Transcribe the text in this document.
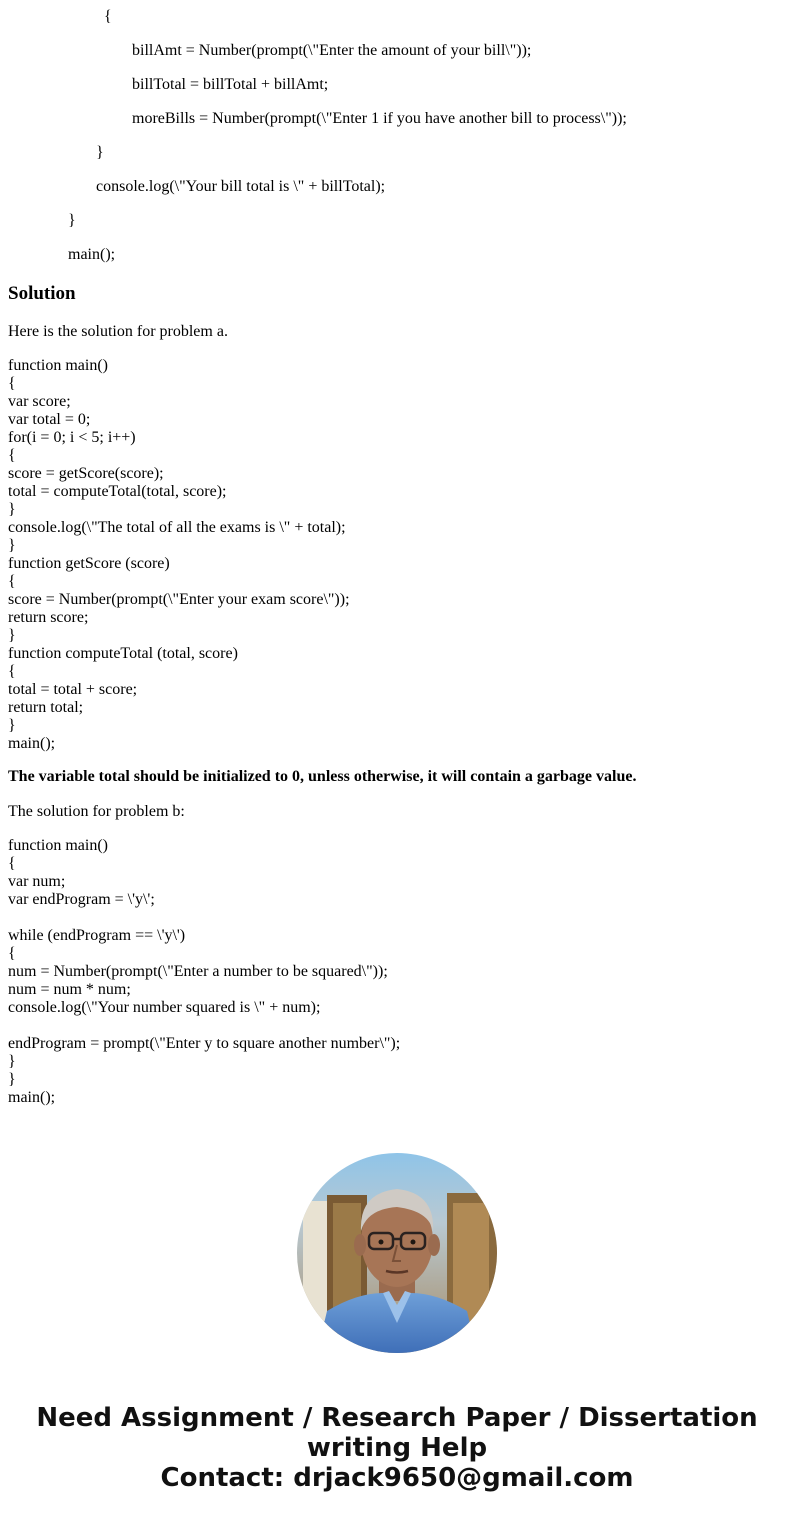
{
billAmt = Number(prompt(\"Enter the amount of your bill\"));
billTotal = billTotal + billAmt;
moreBills = Number(prompt(\"Enter 1 if you have another bill to process\"));
}
console.log(\"Your bill total is \" + billTotal);
}
main();
Solution
Here is the solution for problem a.
function main()
{
var score;
var total = 0;
for(i = 0; i < 5; i++)
{
score = getScore(score);
total = computeTotal(total, score);
}
console.log(\"The total of all the exams is \" + total);
}
function getScore (score)
{
score = Number(prompt(\"Enter your exam score\"));
return score;
}
function computeTotal (total, score)
{
total = total + score;
return total;
}
main();
The variable total should be initialized to 0, unless otherwise, it will contain a garbage value.
The solution for problem b:
function main()
{
var num;
var endProgram = \'y\';
while (endProgram == \'y\')
{
num = Number(prompt(\"Enter a number to be squared\"));
num = num * num;
console.log(\"Your number squared is \" + num);
endProgram = prompt(\"Enter y to square another number\");
}
}
main();
Need Assignment / Research Paper / Dissertation
writing Help
Contact: drjack9650@gmail.com
